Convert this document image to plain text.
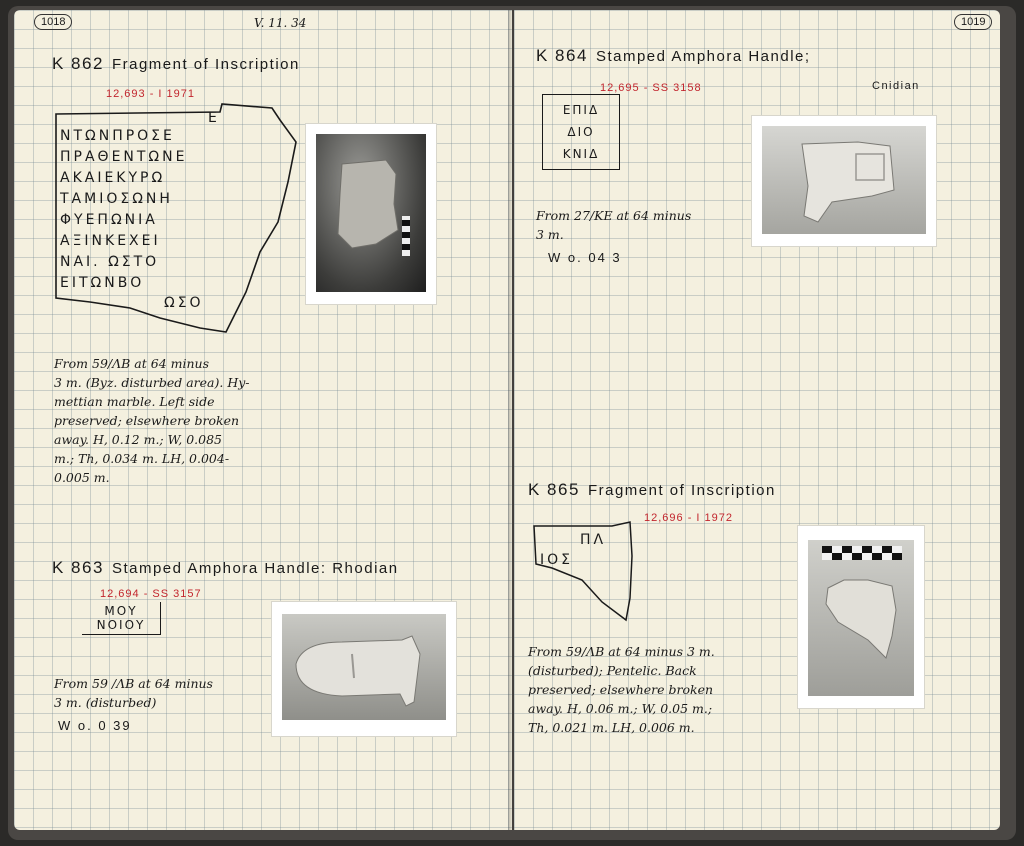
1018	V. 11. 34
K 862 Fragment of Inscription
12,693 - I 1971
Ε
ΝΤΩΝΠΡΟΣΕ
ΠΡΑΘΕΝΤΩΝΕ
ΑΚΑΙΕΚΥΡΩ
ΤΑΜΙΟΣΩΝΗ
ΦΥΕΠΩΝΙΑ
ΑΞΙΝΚΕΧΕΙ
ΝΑΙ. ΩΣΤΟ
ΕΙΤΩΝΒΟ
ΩΣΟ
From 59/ΛΒ at 64 minus
3 m. (Byz. disturbed area). Hy-
mettian marble. Left side
preserved; elsewhere broken
away. H, 0.12 m.; W, 0.085
m.; Th, 0.034 m. LH, 0.004-
0.005 m.
K 863 Stamped Amphora Handle: Rhodian
12,694 - SS 3157
ΜΟΥ
ΝΟΙΟΥ
From 59 /ΛB at 64 minus
3 m. (disturbed)
W o. 0 39
1019
K 864 Stamped Amphora Handle;
Cnidian
12,695 - SS 3158
ΕΠΙΔ
ΔΙΟ
ΚΝΙΔ
From 27/KE at 64 minus
3 m.
W o. 04 3
K 865 Fragment of Inscription
12,696 - I 1972
ΠΛ
ΙΟΣ
From 59/ΛB at 64 minus 3 m.
(disturbed); Pentelic. Back
preserved; elsewhere broken
away. H, 0.06 m.; W, 0.05 m.;
Th, 0.021 m. LH, 0.006 m.
